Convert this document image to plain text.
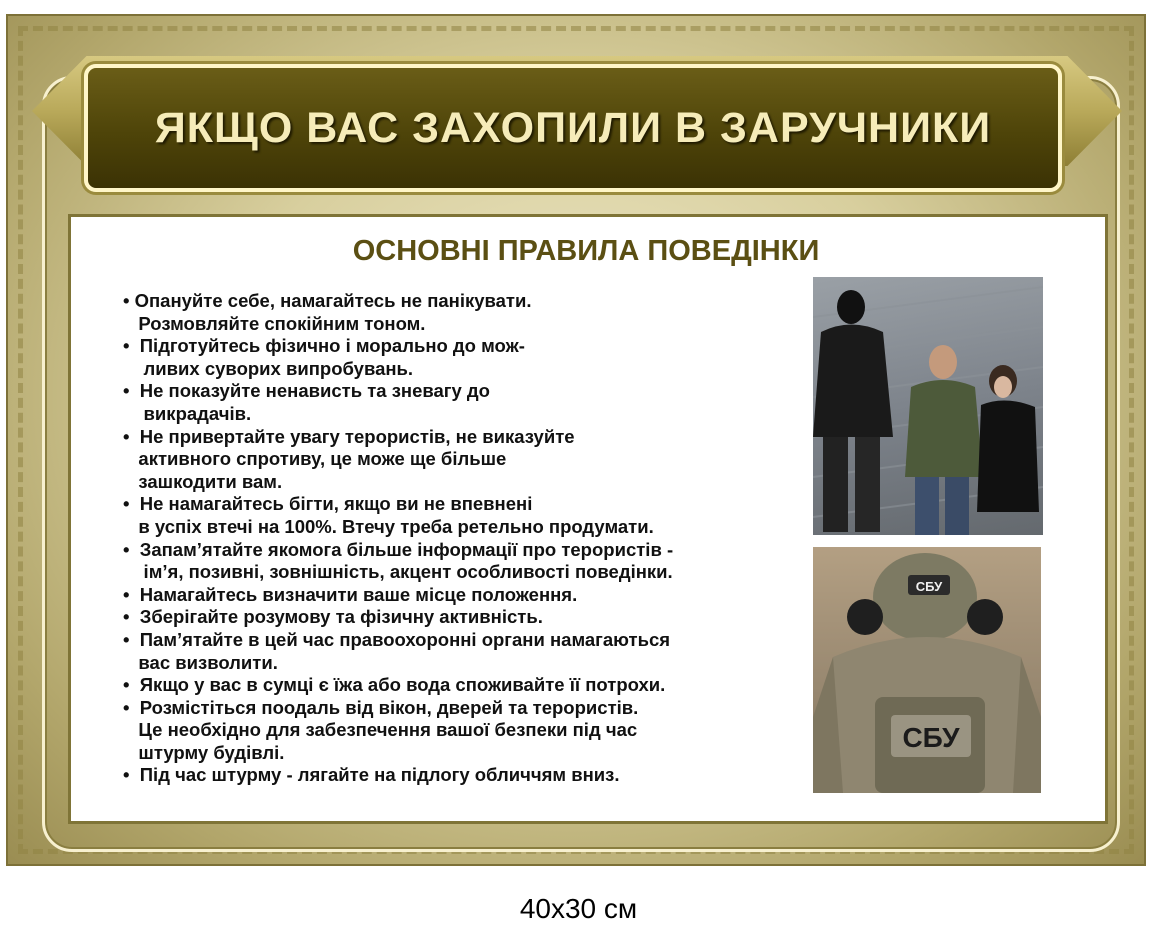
ЯКЩО ВАС ЗАХОПИЛИ В ЗАРУЧНИКИ
ОСНОВНІ ПРАВИЛА ПОВЕДІНКИ
• Опануйте себе, намагайтесь не панікувати.
Розмовляйте спокійним тоном.
•  Підготуйтесь фізично і морально до мож-
ливих суворих випробувань.
•  Не показуйте ненависть та зневагу до
викрадачів.
•  Не привертайте увагу терористів, не виказуйте
активного спротиву, це може ще більше
зашкодити вам.
•  Не намагайтесь бігти, якщо ви не впевнені
в успіх втечі на 100%. Втечу треба ретельно продумати.
•  Запам’ятайте якомога більше інформації про терористів -
ім’я, позивні, зовнішність, акцент особливості поведінки.
•  Намагайтесь визначити ваше місце положення.
•  Зберігайте розумову та фізичну активність.
•  Пам’ятайте в цей час правоохоронні органи намагаються
вас визволити.
•  Якщо у вас в сумці є їжа або вода споживайте її потрохи.
•  Розмістіться поодаль від вікон, дверей та терористів.
Це необхідно для забезпечення вашої безпеки під час
штурму будівлі.
•  Під час штурму - лягайте на підлогу обличчям вниз.
СБУ
СБУ
40x30 см
